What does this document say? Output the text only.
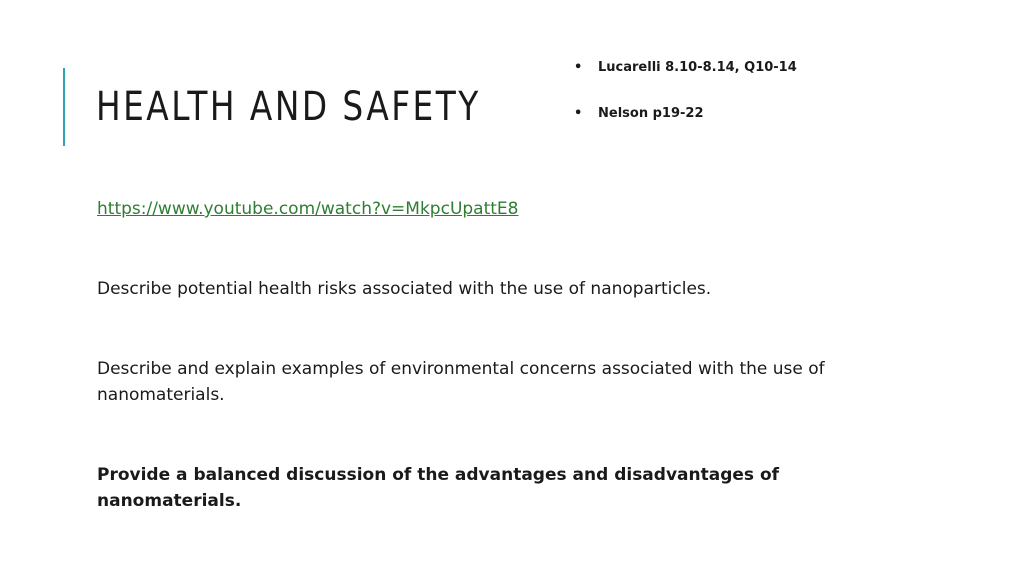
HEALTH AND SAFETY
• Lucarelli 8.10-8.14, Q10-14
• Nelson p19-22

https://www.youtube.com/watch?v=MkpcUpattE8

Describe potential health risks associated with the use of nanoparticles.

Describe and explain examples of environmental concerns associated with the use of nanomaterials.

Provide a balanced discussion of the advantages and disadvantages of nanomaterials.
